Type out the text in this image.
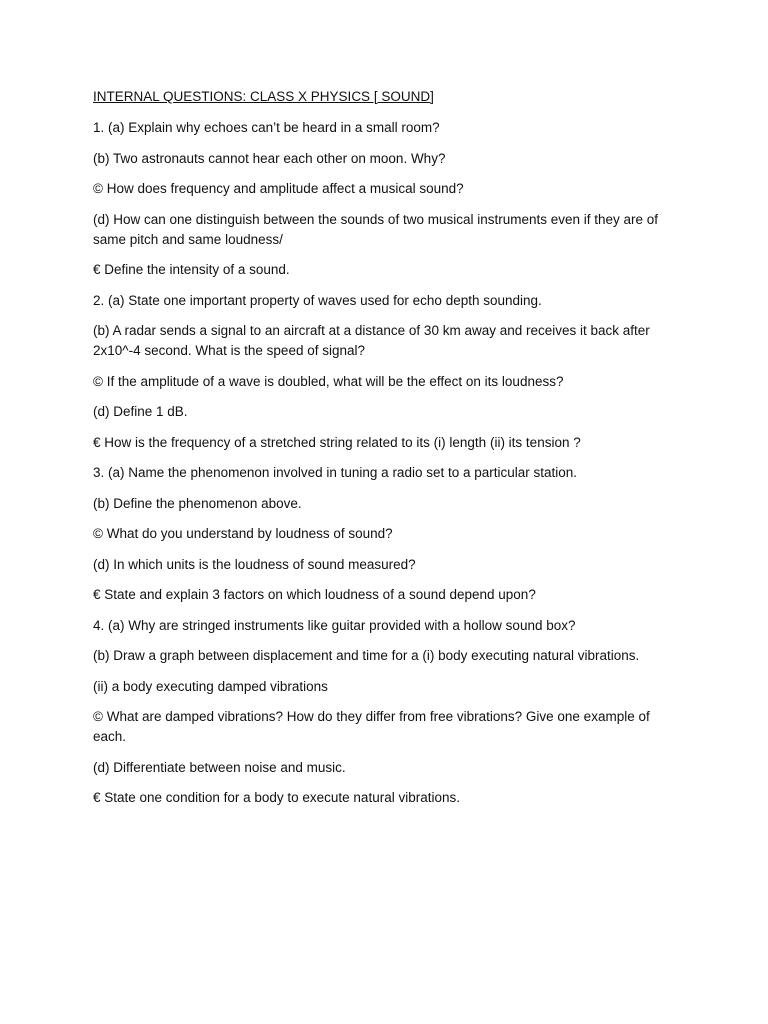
INTERNAL QUESTIONS: CLASS X PHYSICS [ SOUND]
1. (a) Explain why echoes can’t be heard in a small room?
(b) Two astronauts cannot hear each other on moon. Why?
© How does frequency and amplitude affect a musical sound?
(d) How can one distinguish between the sounds of two musical instruments even if they are of same pitch and same loudness/
€ Define the intensity of a sound.
2. (a) State one important property of waves used for echo depth sounding.
(b) A radar sends a signal to an aircraft at a distance of 30 km away and receives it back after 2x10^-4 second. What is the speed of signal?
© If the amplitude of a wave is doubled, what will be the effect on its loudness?
(d) Define 1 dB.
€ How is the frequency of a stretched string related to its (i) length (ii) its tension ?
3. (a) Name the phenomenon involved in tuning a radio set to a particular station.
(b) Define the phenomenon above.
© What do you understand by loudness of sound?
(d) In which units is the loudness of sound measured?
€ State and explain 3 factors on which loudness of a sound depend upon?
4. (a) Why are stringed instruments like guitar provided with a hollow sound box?
(b) Draw a graph between displacement and time for a (i) body executing natural vibrations.
(ii) a body executing damped vibrations
© What are damped vibrations? How do they differ from free vibrations? Give one example of each.
(d) Differentiate between noise and music.
€ State one condition for a body to execute natural vibrations.
